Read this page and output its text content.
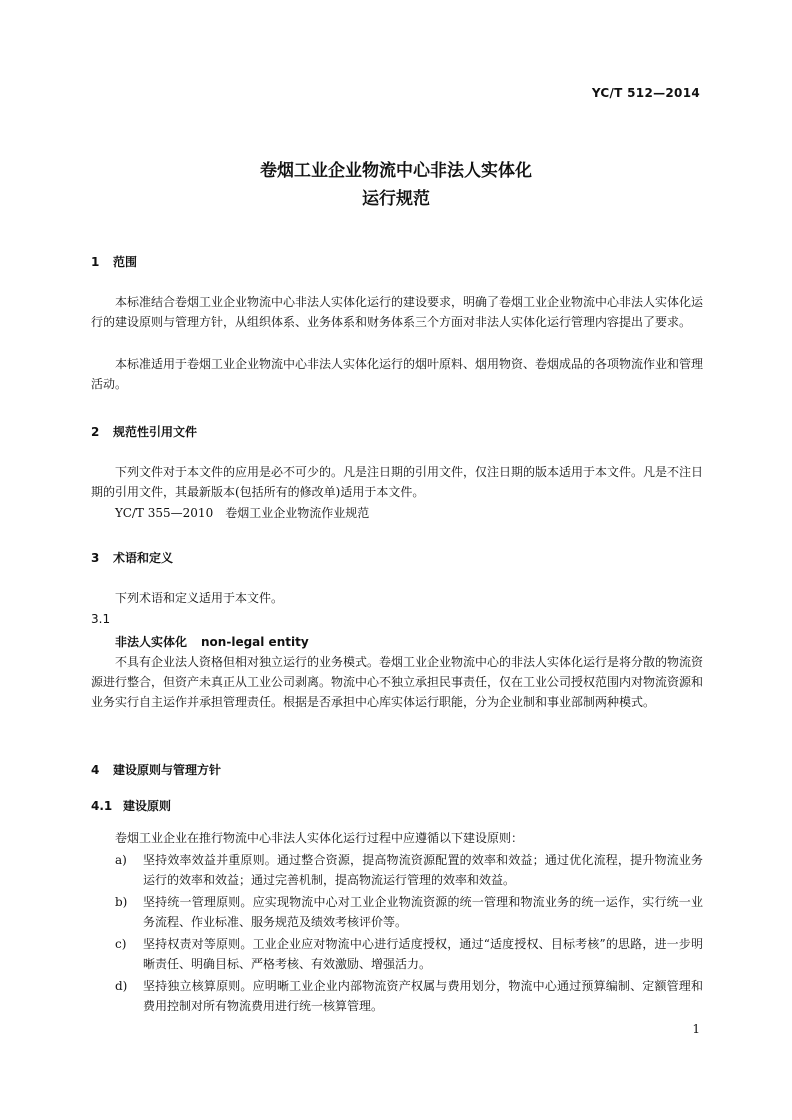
YC/T 512—2014
卷烟工业企业物流中心非法人实体化
运行规范
1 范围

本标准结合卷烟工业企业物流中心非法人实体化运行的建设要求，明确了卷烟工业企业物流中心非法人实体化运行的建设原则与管理方针，从组织体系、业务体系和财务体系三个方面对非法人实体化运行管理内容提出了要求。

本标准适用于卷烟工业企业物流中心非法人实体化运行的烟叶原料、烟用物资、卷烟成品的各项物流作业和管理活动。

2 规范性引用文件

下列文件对于本文件的应用是必不可少的。凡是注日期的引用文件，仅注日期的版本适用于本文件。凡是不注日期的引用文件，其最新版本(包括所有的修改单)适用于本文件。

YC/T 355—2010　卷烟工业企业物流作业规范
3 术语和定义
下列术语和定义适用于本文件。
3.1
非法人实体化 non-legal entity

不具有企业法人资格但相对独立运行的业务模式。卷烟工业企业物流中心的非法人实体化运行是将分散的物流资源进行整合，但资产未真正从工业公司剥离。物流中心不独立承担民事责任，仅在工业公司授权范围内对物流资源和业务实行自主运作并承担管理责任。根据是否承担中心库实体运行职能，分为企业制和事业部制两种模式。

4 建设原则与管理方针
4.1 建设原则
卷烟工业企业在推行物流中心非法人实体化运行过程中应遵循以下建设原则：
a)	坚持效率效益并重原则。通过整合资源，提高物流资源配置的效率和效益；通过优化流程，提升物流业务运行的效率和效益；通过完善机制，提高物流运行管理的效率和效益。
b)	坚持统一管理原则。应实现物流中心对工业企业物流资源的统一管理和物流业务的统一运作，实行统一业务流程、作业标准、服务规范及绩效考核评价等。
c)	坚持权责对等原则。工业企业应对物流中心进行适度授权，通过“适度授权、目标考核”的思路，进一步明晰责任、明确目标、严格考核、有效激励、增强活力。
d)	坚持独立核算原则。应明晰工业企业内部物流资产权属与费用划分，物流中心通过预算编制、定额管理和费用控制对所有物流费用进行统一核算管理。
1
